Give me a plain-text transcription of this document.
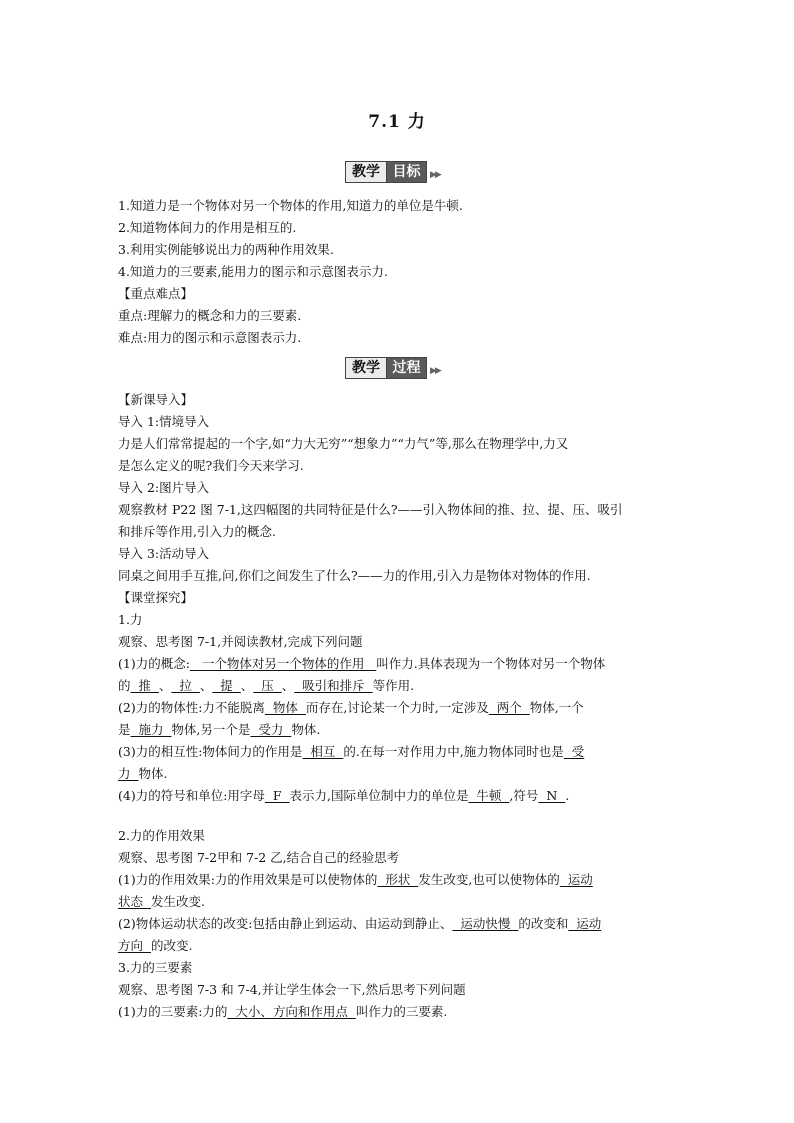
7.1 力
教学 目标	▶▶
1.知道力是一个物体对另一个物体的作用,知道力的单位是牛顿.
2.知道物体间力的作用是相互的.
3.利用实例能够说出力的两种作用效果.
4.知道力的三要素,能用力的图示和示意图表示力.
【重点难点】
重点:理解力的概念和力的三要素.
难点:用力的图示和示意图表示力.
教学 过程	▶▶
【新课导入】
导入 1:情境导入
力是人们常常提起的一个字,如“力大无穷”“想象力”“力气”等,那么在物理学中,力又
是怎么定义的呢?我们今天来学习.
导入 2:图片导入
观察教材 P22 图 7-1,这四幅图的共同特征是什么?——引入物体间的推、拉、提、压、吸引
和排斥等作用,引入力的概念.
导入 3:活动导入
同桌之间用手互推,问,你们之间发生了什么?——力的作用,引入力是物体对物体的作用.
【课堂探究】
1.力
观察、思考图 7-1,并阅读教材,完成下列问题
(1)力的概念:   一个物体对另一个物体的作用   叫作力.具体表现为一个物体对另一个物体
的  推  、  拉  、  提  、  压  、  吸引和排斥  等作用.
(2)力的物体性:力不能脱离  物体  而存在,讨论某一个力时,一定涉及  两个  物体,一个
是  施力  物体,另一个是  受力  物体.
(3)力的相互性:物体间力的作用是  相互  的.在每一对作用力中,施力物体同时也是  受
力  物体.
(4)力的符号和单位:用字母  F  表示力,国际单位制中力的单位是  牛顿  ,符号  N  .
2.力的作用效果
观察、思考图 7-2甲和 7-2 乙,结合自己的经验思考
(1)力的作用效果:力的作用效果是可以使物体的  形状  发生改变,也可以使物体的  运动
状态  发生改变.
(2)物体运动状态的改变:包括由静止到运动、由运动到静止、  运动快慢  的改变和  运动
方向  的改变.
3.力的三要素
观察、思考图 7-3 和 7-4,并让学生体会一下,然后思考下列问题
(1)力的三要素:力的  大小、方向和作用点  叫作力的三要素.
